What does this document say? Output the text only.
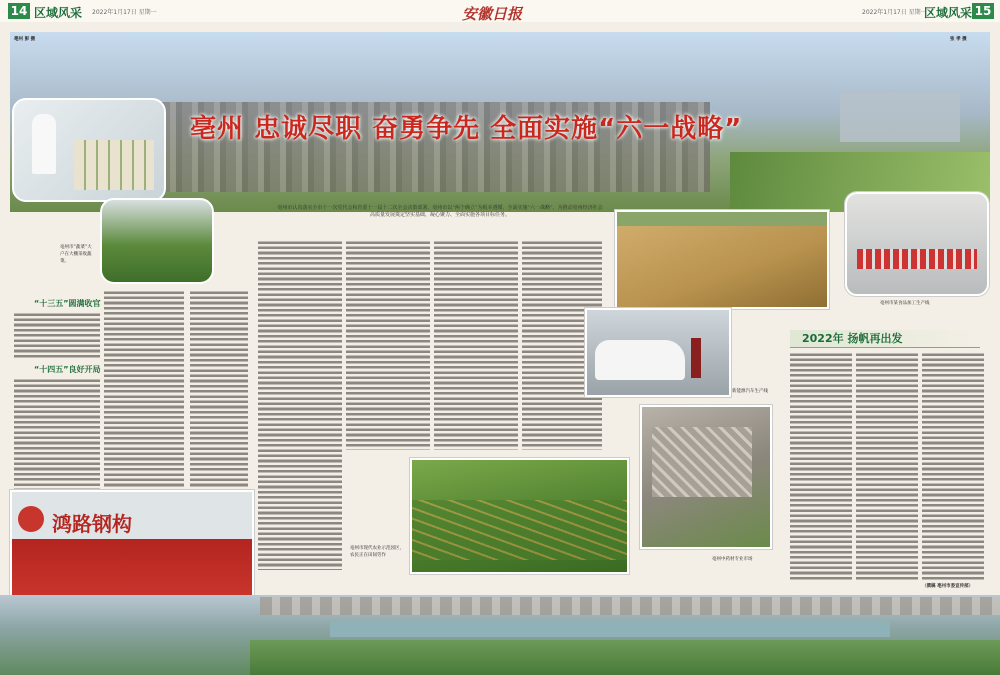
14 区域风采 2022年1月17日 星期一	安徽日报	2022年1月17日 星期一
区域风采 15
亳州 彭 摄	张 孝 摄
亳州 忠诚尽职 奋勇争先 全面实施“六一战略”
亳州市“蔬菜”大户在大棚采收蔬菜。
“十三五”圆满收官
“十四五”良好开局
鸿路钢构
亳州市认真落实全市十一次党代会和省委十一届十二次全会决策部署，亳州市以“两个确立”为根本遵循，全面实施“六一战略”，为推动亳州经济社会高质量发展奠定坚实基础，凝心聚力、全面实施各项目标任务。
亳州市某食品加工生产线
新能源汽车生产线
2022年 扬帆再出发
（撰稿 亳州市委宣传部）
亳州中药材专业市场
亳州市现代农业示范园区，农民正在田间劳作
